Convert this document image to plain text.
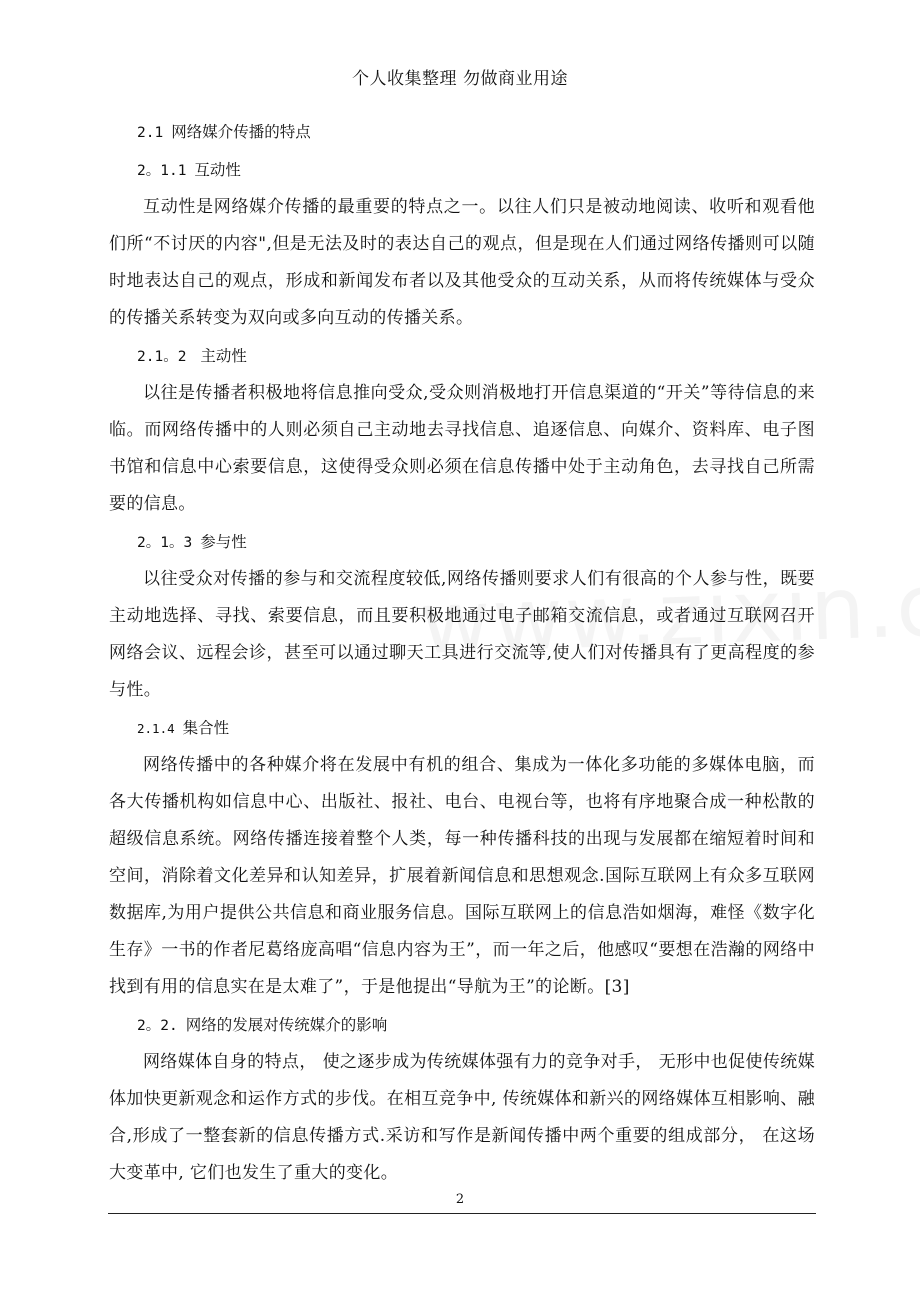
个人收集整理 勿做商业用途
2.1 网络媒介传播的特点
2。1.1 互动性

互动性是网络媒介传播的最重要的特点之一。以往人们只是被动地阅读、收听和观看他们所“不讨厌的内容",但是无法及时的表达自己的观点，但是现在人们通过网络传播则可以随时地表达自己的观点，形成和新闻发布者以及其他受众的互动关系，从而将传统媒体与受众的传播关系转变为双向或多向互动的传播关系。

2.1。2 主动性

以往是传播者积极地将信息推向受众,受众则消极地打开信息渠道的“开关”等待信息的来临。而网络传播中的人则必须自己主动地去寻找信息、追逐信息、向媒介、资料库、电子图书馆和信息中心索要信息，这使得受众则必须在信息传播中处于主动角色，去寻找自己所需要的信息。

2。1。3 参与性

以往受众对传播的参与和交流程度较低,网络传播则要求人们有很高的个人参与性，既要主动地选择、寻找、索要信息，而且要积极地通过电子邮箱交流信息，或者通过互联网召开网络会议、远程会诊，甚至可以通过聊天工具进行交流等,使人们对传播具有了更高程度的参与性。

2.1.4 集合性

网络传播中的各种媒介将在发展中有机的组合、集成为一体化多功能的多媒体电脑，而各大传播机构如信息中心、出版社、报社、电台、电视台等，也将有序地聚合成一种松散的超级信息系统。网络传播连接着整个人类，每一种传播科技的出现与发展都在缩短着时间和空间，消除着文化差异和认知差异，扩展着新闻信息和思想观念.国际互联网上有众多互联网数据库,为用户提供公共信息和商业服务信息。国际互联网上的信息浩如烟海，难怪《数字化生存》一书的作者尼葛络庞高唱“信息内容为王”，而一年之后，他感叹“要想在浩瀚的网络中找到有用的信息实在是太难了”，于是他提出“导航为王”的论断。[3]

2。2. 网络的发展对传统媒介的影响

网络媒体自身的特点， 使之逐步成为传统媒体强有力的竞争对手， 无形中也促使传统媒体加快更新观念和运作方式的步伐。在相互竞争中, 传统媒体和新兴的网络媒体互相影响、融合,形成了一整套新的信息传播方式.采访和写作是新闻传播中两个重要的组成部分， 在这场大变革中, 它们也发生了重大的变化。

2
